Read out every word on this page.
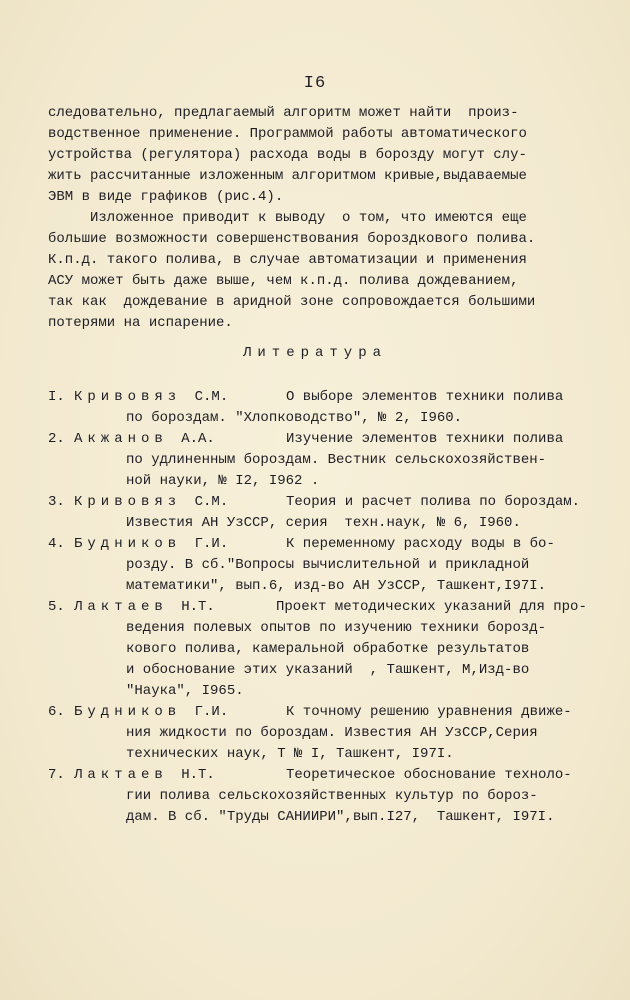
I6
следовательно, предлагаемый алгоритм может найти  произ-
водственное применение. Программой работы автоматического
устройства (регулятора) расхода воды в борозду могут слу-
жить рассчитанные изложенным алгоритмом кривые,выдаваемые
ЭВМ в виде графиков (рис.4).
Изложенное приводит к выводу  о том, что имеются еще
большие возможности совершенствования бороздкового полива.
К.п.д. такого полива, в случае автоматизации и применения
АСУ может быть даже выше, чем к.п.д. полива дождеванием,
так как  дождевание в аридной зоне сопровождается большими
потерями на испарение.
Литература
I. Кривовяз С.М.	О выборе элементов техники полива
по бороздам. "Хлопководство", № 2, I960.
2. Акжанов А.А.	Изучение элементов техники полива
по удлиненным бороздам. Вестник сельскохозяйствен-
ной науки, № I2, I962 .
3. Кривовяз С.М.	Теория и расчет полива по бороздам.
Известия АН УзССР, серия  техн.наук, № 6, I960.
4. Будников Г.И.	К переменному расходу воды в бо-
розду. В сб."Вопросы вычислительной и прикладной
математики", вып.6, изд-во АН УзССР, Ташкент,I97I.
5. Лактаев Н.Т.	Проект методических указаний для про-
ведения полевых опытов по изучению техники борозд-
кового полива, камеральной обработке результатов
и обоснование этих указаний  , Ташкент, М,Изд-во
"Наука", I965.
6. Будников Г.И.	К точному решению уравнения движе-
ния жидкости по бороздам. Известия АН УзССР,Серия
технических наук, Т № I, Ташкент, I97I.
7. Лактаев Н.Т.	Теоретическое обоснование техноло-
гии полива сельскохозяйственных культур по бороз-
дам. В сб. "Труды САНИИРИ",вып.I27,  Ташкент, I97I.
